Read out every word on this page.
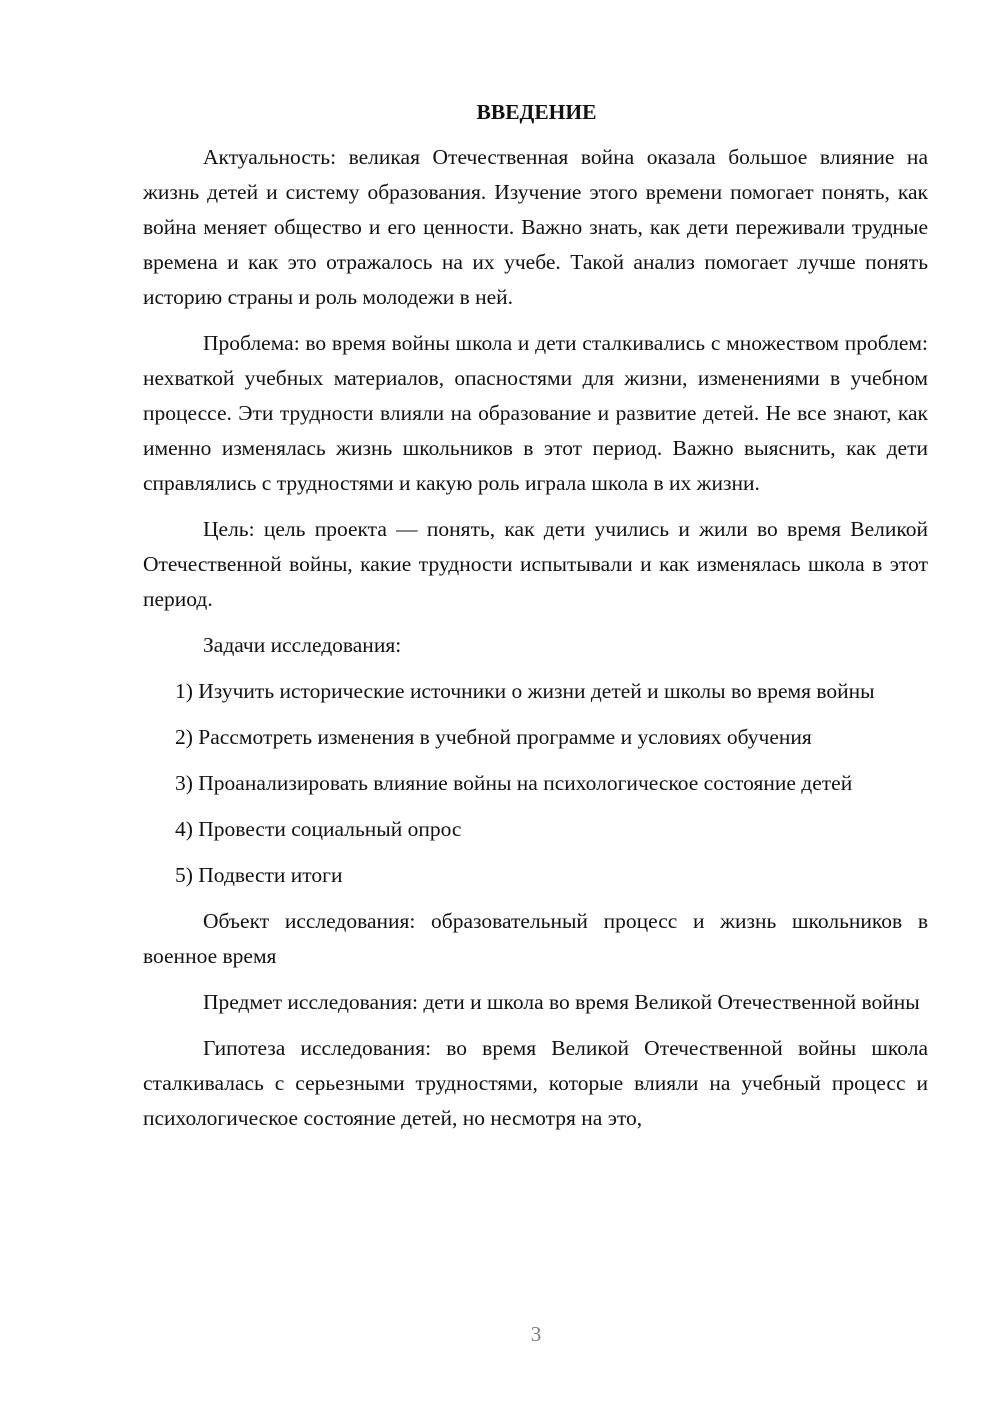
ВВЕДЕНИЕ

Актуальность: великая Отечественная война оказала большое влияние на жизнь детей и систему образования. Изучение этого времени помогает понять, как война меняет общество и его ценности. Важно знать, как дети переживали трудные времена и как это отражалось на их учебе. Такой анализ помогает лучше понять историю страны и роль молодежи в ней.

Проблема: во время войны школа и дети сталкивались с множеством проблем: нехваткой учебных материалов, опасностями для жизни, изменениями в учебном процессе. Эти трудности влияли на образование и развитие детей. Не все знают, как именно изменялась жизнь школьников в этот период. Важно выяснить, как дети справлялись с трудностями и какую роль играла школа в их жизни.

Цель: цель проекта — понять, как дети учились и жили во время Великой Отечественной войны, какие трудности испытывали и как изменялась школа в этот период.

Задачи исследования:

1) Изучить исторические источники о жизни детей и школы во время войны

2) Рассмотреть изменения в учебной программе и условиях обучения

3) Проанализировать влияние войны на психологическое состояние детей

4) Провести социальный опрос

5) Подвести итоги

Объект исследования: образовательный процесс и жизнь школьников в военное время

Предмет исследования: дети и школа во время Великой Отечественной войны

Гипотеза исследования: во время Великой Отечественной войны школа сталкивалась с серьезными трудностями, которые влияли на учебный процесс и психологическое состояние детей, но несмотря на это,

3
